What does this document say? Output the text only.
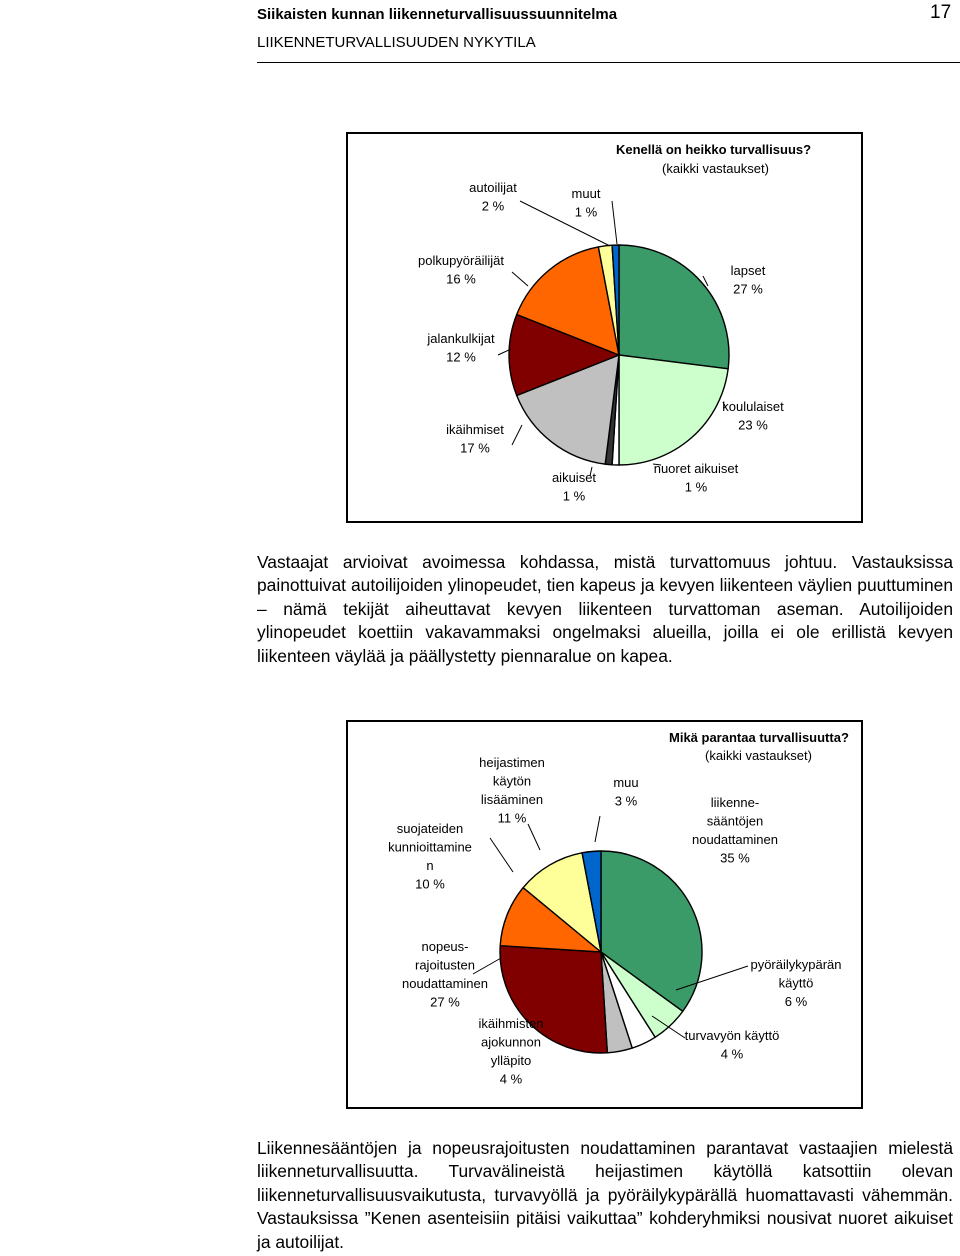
Siikaisten kunnan liikenneturvallisuussuunnitelma
LIIKENNETURVALLISUUDEN NYKYTILA
17
Kenellä on heikko turvallisuus?
(kaikki vastaukset)
lapset 27 %
koululaiset 23 %
nuoret aikuiset 1 %
aikuiset 1 %
ikäihmiset 17 %
jalankulkijat 12 %
polkupyöräilijät 16 %
autoilijat 2 %
muut 1 %

Vastaajat arvioivat avoimessa kohdassa, mistä turvattomuus johtuu. Vastauksissa painottuivat autoilijoiden ylinopeudet, tien kapeus ja kevyen liikenteen väylien puuttuminen – nämä tekijät aiheuttavat kevyen liikenteen turvattoman aseman. Autoilijoiden ylinopeudet koettiin vakavammaksi ongelmaksi alueilla, joilla ei ole erillistä kevyen liikenteen väylää ja päällystetty piennaralue on kapea.

Mikä parantaa turvallisuutta?
(kaikki vastaukset)
liikenne-sääntöjen noudattaminen 35 %
pyöräilykypärän käyttö 6 %
turvavyön käyttö 4 %
ikäihmisten ajokunnon ylläpito 4 %
nopeus-rajoitusten noudattaminen 27 %
suojateiden kunnioittamine n 10 %
heijastimen käytön lisääminen 11 %
muu 3 %

Liikennesääntöjen ja nopeusrajoitusten noudattaminen parantavat vastaajien mielestä liikenneturvallisuutta. Turvavälineistä heijastimen käytöllä katsottiin olevan liikenneturvallisuusvaikutusta, turvavyöllä ja pyöräilykypärällä huomattavasti vähemmän. Vastauksissa ”Kenen asenteisiin pitäisi vaikuttaa” kohderyhmiksi nousivat nuoret aikuiset ja autoilijat.
